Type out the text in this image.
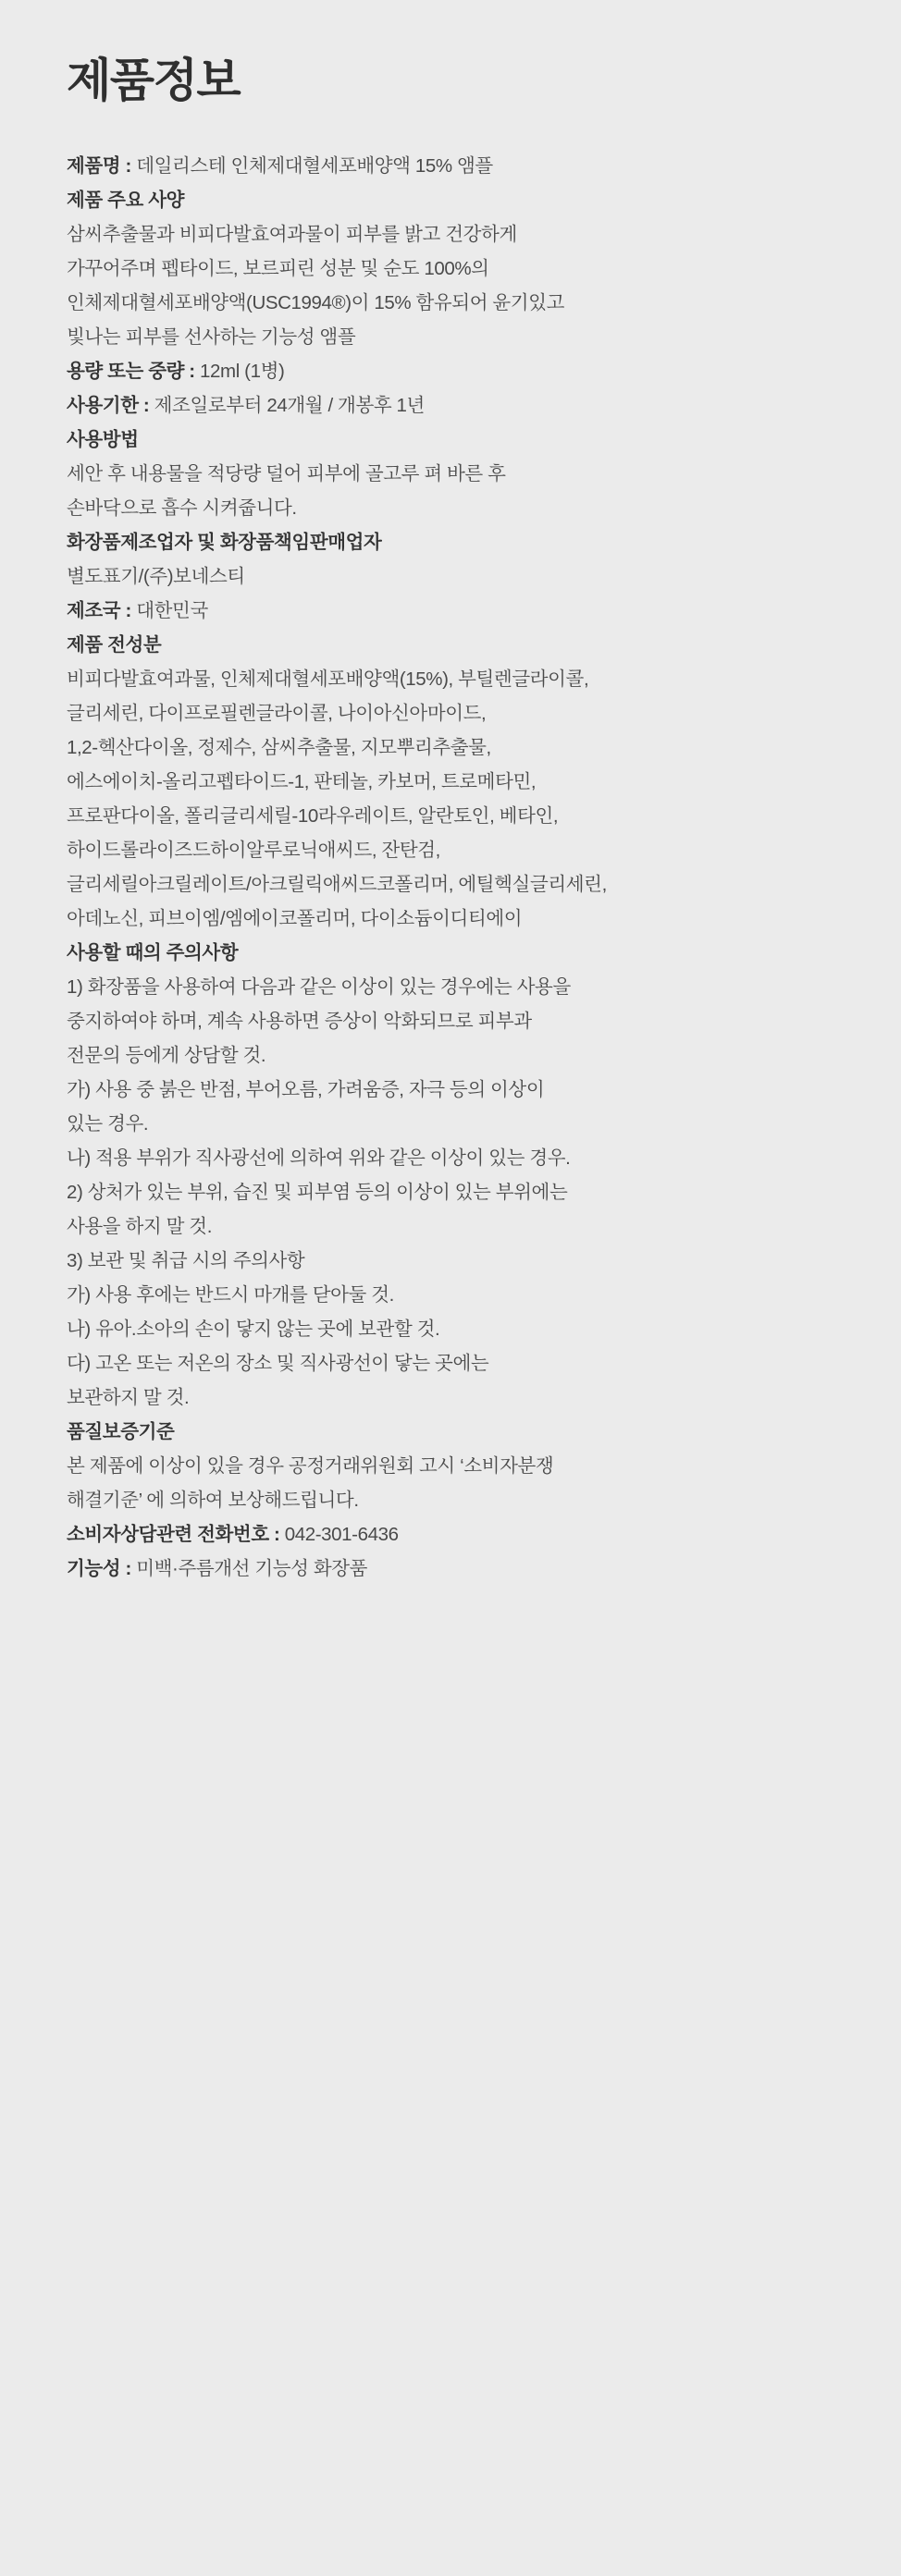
제품정보
제품명 : 데일리스테 인체제대혈세포배양액 15% 앰플
제품 주요 사양
삼씨추출물과 비피다발효여과물이 피부를 밝고 건강하게
가꾸어주며 펩타이드, 보르피린 성분 및 순도 100%의
인체제대혈세포배양액(USC1994®)이 15% 함유되어 윤기있고
빛나는 피부를 선사하는 기능성 앰플
용량 또는 중량 : 12ml (1병)
사용기한 : 제조일로부터 24개월 / 개봉후 1년
사용방법
세안 후 내용물을 적당량 덜어 피부에 골고루 펴 바른 후
손바닥으로 흡수 시켜줍니다.
화장품제조업자 및 화장품책임판매업자
별도표기/(주)보네스티
제조국 : 대한민국
제품 전성분
비피다발효여과물, 인체제대혈세포배양액(15%), 부틸렌글라이콜,
글리세린, 다이프로필렌글라이콜, 나이아신아마이드,
1,2-헥산다이올, 정제수, 삼씨추출물, 지모뿌리추출물,
에스에이치-올리고펩타이드-1, 판테놀, 카보머, 트로메타민,
프로판다이올, 폴리글리세릴-10라우레이트, 알란토인, 베타인,
하이드롤라이즈드하이알루로닉애씨드, 잔탄검,
글리세릴아크릴레이트/아크릴릭애씨드코폴리머, 에틸헥실글리세린,
아데노신, 피브이엠/엠에이코폴리머, 다이소듐이디티에이
사용할 때의 주의사항
1) 화장품을 사용하여 다음과 같은 이상이 있는 경우에는 사용을
중지하여야 하며, 계속 사용하면 증상이 악화되므로 피부과
전문의 등에게 상담할 것.
가) 사용 중 붉은 반점, 부어오름, 가려움증, 자극 등의 이상이
있는 경우.
나) 적용 부위가 직사광선에 의하여 위와 같은 이상이 있는 경우.
2) 상처가 있는 부위, 습진 및 피부염 등의 이상이 있는 부위에는
사용을 하지 말 것.
3) 보관 및 취급 시의 주의사항
가) 사용 후에는 반드시 마개를 닫아둘 것.
나) 유아.소아의 손이 닿지 않는 곳에 보관할 것.
다) 고온 또는 저온의 장소 및 직사광선이 닿는 곳에는
보관하지 말 것.
품질보증기준
본 제품에 이상이 있을 경우 공정거래위원회 고시 ‘소비자분쟁
해결기준’ 에 의하여 보상해드립니다.
소비자상담관련 전화번호 : 042-301-6436
기능성 : 미백·주름개선 기능성 화장품
